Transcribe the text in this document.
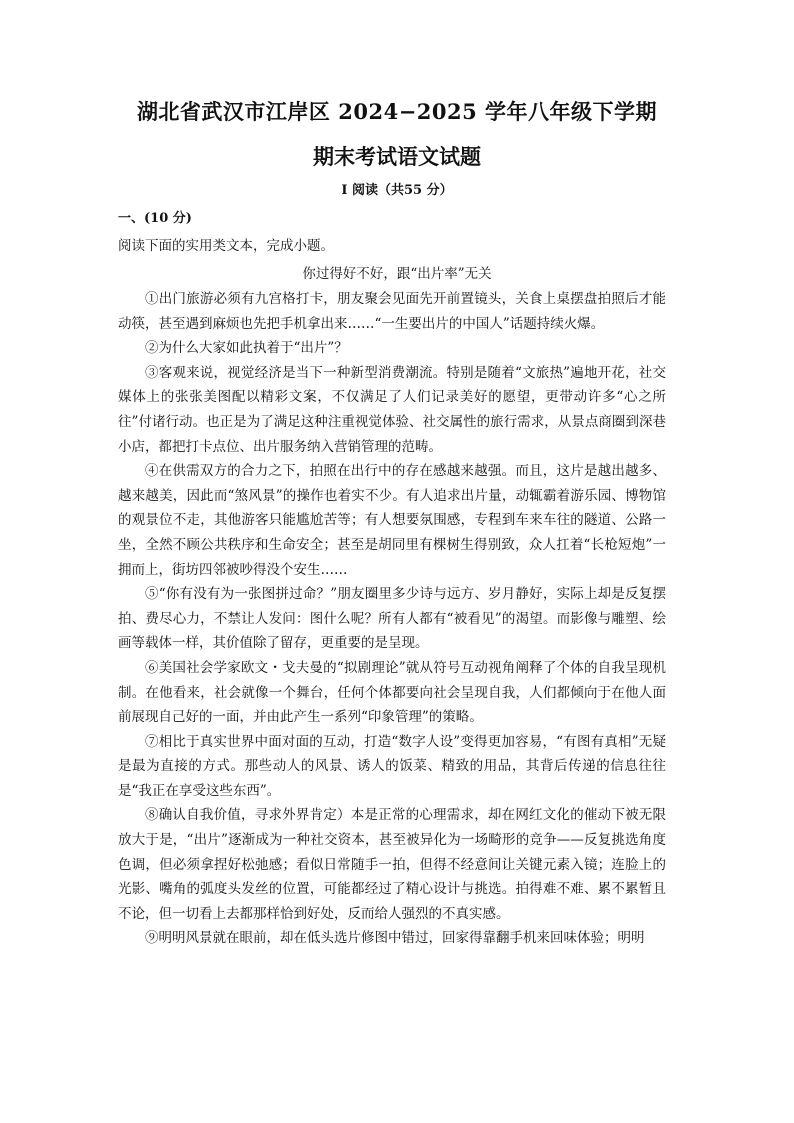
湖北省武汉市江岸区 2024−2025 学年八年级下学期
期末考试语文试题
I 阅读（共55 分）
一、(10 分)
阅读下面的实用类文本，完成小题。
你过得好不好，跟“出片率”无关

①出门旅游必须有九宫格打卡，朋友聚会见面先开前置镜头，关食上桌摆盘拍照后才能动筷，甚至遇到麻烦也先把手机拿出来……“一生要出片的中国人”话题持续火爆。

②为什么大家如此执着于“出片”？

③客观来说，视觉经济是当下一种新型消费潮流。特别是随着“文旅热”遍地开花，社交媒体上的张张美图配以精彩文案，不仅满足了人们记录美好的愿望，更带动许多“心之所往”付诸行动。也正是为了满足这种注重视觉体验、社交属性的旅行需求，从景点商圈到深巷小店，都把打卡点位、出片服务纳入营销管理的范畴。

④在供需双方的合力之下，拍照在出行中的存在感越来越强。而且，这片是越出越多、越来越美，因此而“煞风景”的操作也着实不少。有人追求出片量，动辄霸着游乐园、博物馆的观景位不走，其他游客只能尴尬苦等；有人想要氛围感，专程到车来车往的隧道、公路一坐，全然不顾公共秩序和生命安全；甚至是胡同里有棵树生得别致，众人扛着“长枪短炮”一拥而上，街坊四邻被吵得没个安生……

⑤“你有没有为一张图拼过命？”朋友圈里多少诗与远方、岁月静好，实际上却是反复摆拍、费尽心力，不禁让人发问：图什么呢？所有人都有“被看见”的渴望。而影像与雕塑、绘画等载体一样，其价值除了留存，更重要的是呈现。

⑥美国社会学家欧文・戈夫曼的“拟剧理论”就从符号互动视角阐释了个体的自我呈现机制。在他看来，社会就像一个舞台，任何个体都要向社会呈现自我，人们都倾向于在他人面前展现自己好的一面，并由此产生一系列“印象管理”的策略。

⑦相比于真实世界中面对面的互动，打造“数字人设”变得更加容易，“有图有真相”无疑是最为直接的方式。那些动人的风景、诱人的饭菜、精致的用品，其背后传递的信息往往是“我正在享受这些东西”。

⑧确认自我价值，寻求外界肯定）本是正常的心理需求，却在网红文化的催动下被无限放大于是，“出片”逐渐成为一种社交资本，甚至被异化为一场畸形的竞争——反复挑选角度色调，但必须拿捏好松弛感；看似日常随手一拍，但得不经意间让关键元素入镜；连脸上的光影、嘴角的弧度头发丝的位置，可能都经过了精心设计与挑选。拍得难不难、累不累暂且不论，但一切看上去都那样恰到好处，反而给人强烈的不真实感。

⑨明明风景就在眼前，却在低头选片修图中错过，回家得靠翻手机来回味体验；明明
